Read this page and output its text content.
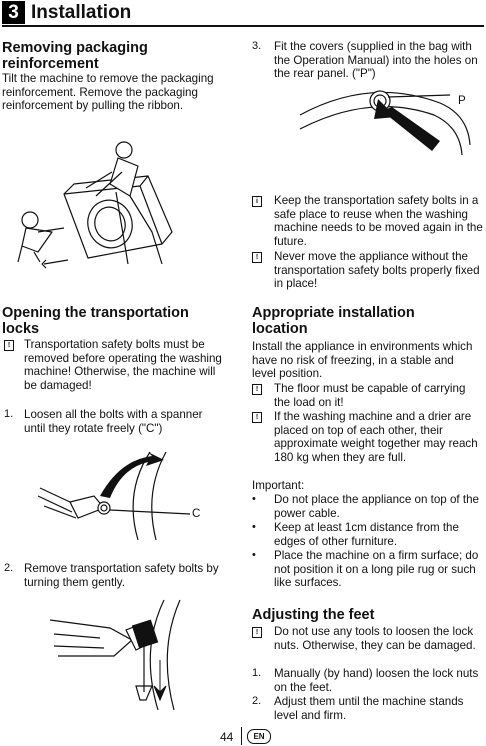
3 Installation
Removing packaging reinforcement

Tilt the machine to remove the packaging reinforcement. Remove the packaging reinforcement by pulling the ribbon.

Opening the transportation locks
!	Transportation safety bolts must be removed before operating the washing machine! Otherwise, the machine will be damaged!
1. Loosen all the bolts with a spanner until they rotate freely ("C")
C
2. Remove transportation safety bolts by turning them gently.
3.	Fit the covers (supplied in the bag with the Operation Manual) into the holes on the rear panel. ("P")
P
i	Keep the transportation safety bolts in a safe place to reuse when the washing machine needs to be moved again in the future.
!	Never move the appliance without the transportation safety bolts properly fixed in place!
Appropriate installation location

Install the appliance in environments which have no risk of freezing, in a stable and level position.

!	The floor must be capable of carrying the load on it!
!	If the washing machine and a drier are placed on top of each other, their approximate weight together may reach 180 kg when they are full.

Important:

•	Do not place the appliance on top of the power cable.
•	Keep at least 1cm distance from the edges of other furniture.
•	Place the machine on a firm surface; do not position it on a long pile rug or such like surfaces.
Adjusting the feet
!	Do not use any tools to loosen the lock nuts. Otherwise, they can be damaged.
1.	Manually (by hand) loosen the lock nuts on the feet.
2.	Adjust them until the machine stands level and firm.
44	EN
